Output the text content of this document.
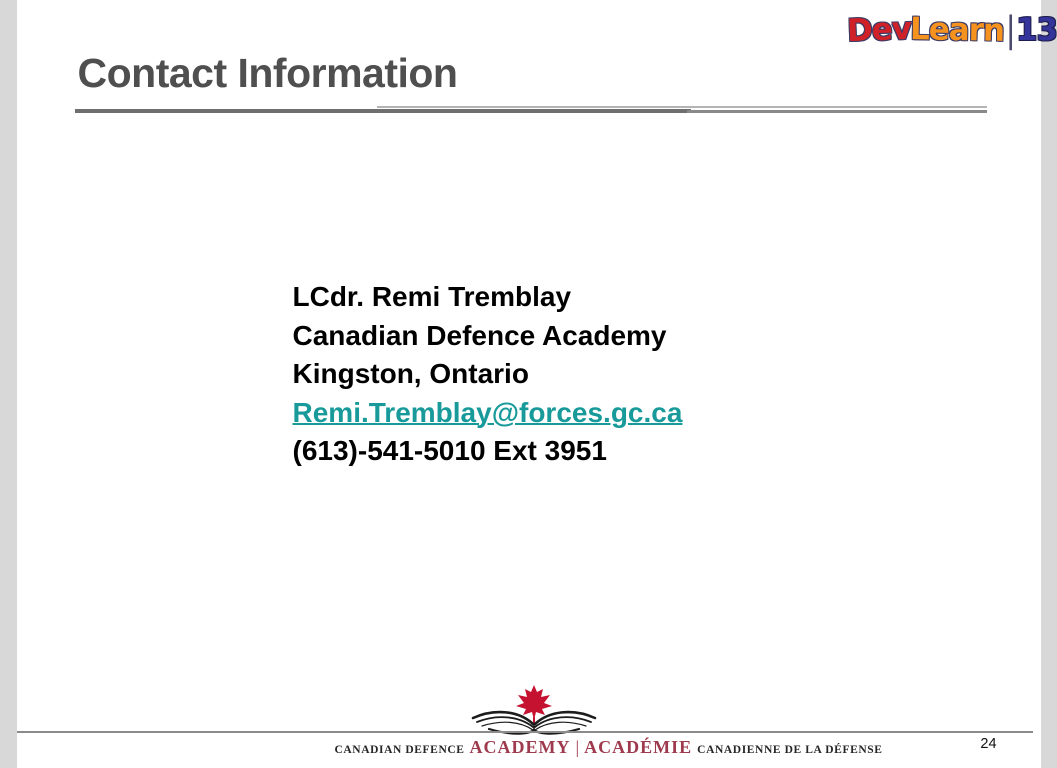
Contact Information
DevLearn|13
LCdr. Remi Tremblay
Canadian Defence Academy
Kingston, Ontario
Remi.Tremblay@forces.gc.ca
(613)-541-5010 Ext 3951
CANADIAN DEFENCE ACADEMY | ACADÉMIE CANADIENNE DE LA DÉFENSE	24
